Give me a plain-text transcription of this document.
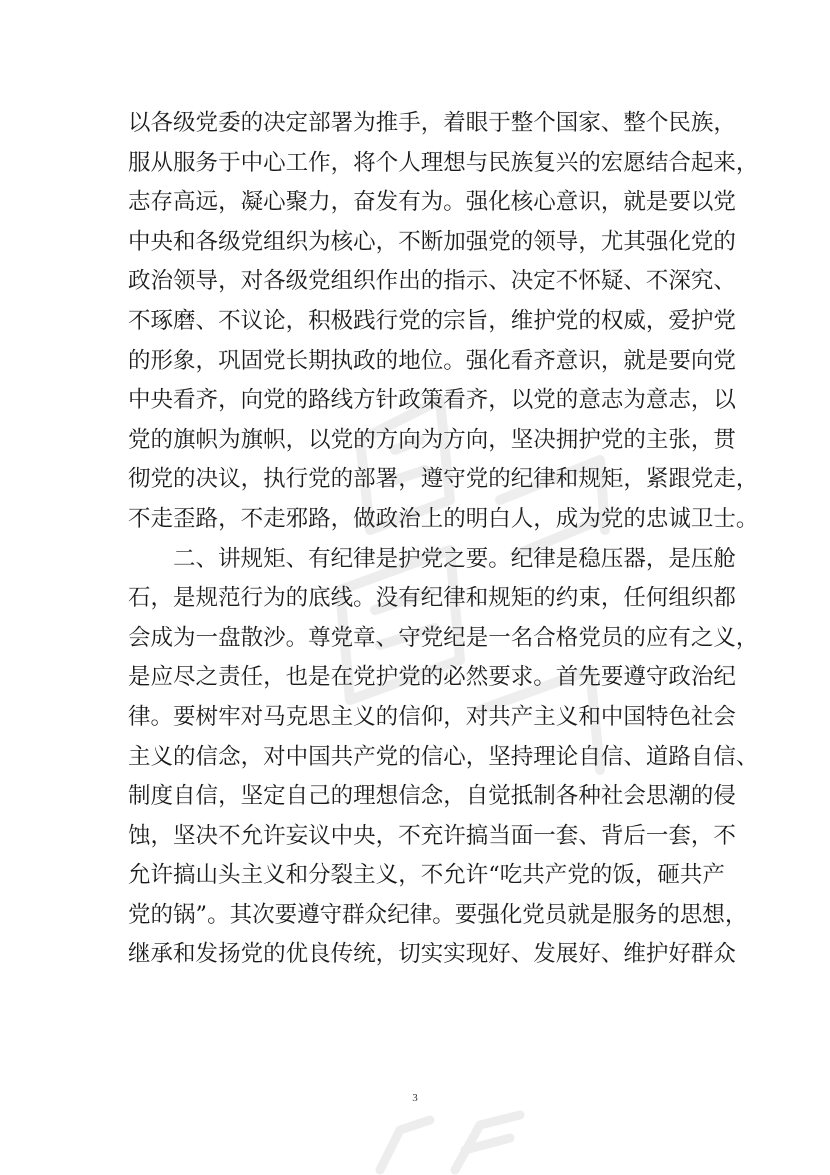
以 各 级 党 委 的 决 定 部 署 为 推 手 ， 着 眼 于 整 个 国 家 、 整 个 民 族 ，
服 从 服 务 于 中 心 工 作 ， 将 个 人 理 想 与 民 族 复 兴 的 宏 愿 结 合 起 来 ，
志 存 高 远 ， 凝 心 聚 力 ， 奋 发 有 为 。 强 化 核 心 意 识 ， 就 是 要 以 党
中 央 和 各 级 党 组 织 为 核 心 ， 不 断 加 强 党 的 领 导 ， 尤 其 强 化 党 的
政 治 领 导 ， 对 各 级 党 组 织 作 出 的 指 示 、 决 定 不 怀 疑 、 不 深 究 、
不 琢 磨 、 不 议 论 ， 积 极 践 行 党 的 宗 旨 ， 维 护 党 的 权 威 ， 爱 护 党
的 形 象 ， 巩 固 党 长 期 执 政 的 地 位 。 强 化 看 齐 意 识 ， 就 是 要 向 党
中 央 看 齐 ， 向 党 的 路 线 方 针 政 策 看 齐 ， 以 党 的 意 志 为 意 志 ， 以
党 的 旗 帜 为 旗 帜 ， 以 党 的 方 向 为 方 向 ， 坚 决 拥 护 党 的 主 张 ， 贯
彻 党 的 决 议 ， 执 行 党 的 部 署 ， 遵 守 党 的 纪 律 和 规 矩 ， 紧 跟 党 走 ，
不 走 歪 路 ， 不 走 邪 路 ， 做 政 治 上 的 明 白 人 ， 成 为 党 的 忠 诚 卫 士 。
二 、 讲 规 矩 、 有 纪 律 是 护 党 之 要 。 纪 律 是 稳 压 器 ， 是 压 舱
石 ， 是 规 范 行 为 的 底 线 。 没 有 纪 律 和 规 矩 的 约 束 ， 任 何 组 织 都
会 成 为 一 盘 散 沙 。 尊 党 章 、 守 党 纪 是 一 名 合 格 党 员 的 应 有 之 义 ，
是 应 尽 之 责 任 ， 也 是 在 党 护 党 的 必 然 要 求 。 首 先 要 遵 守 政 治 纪
律 。 要 树 牢 对 马 克 思 主 义 的 信 仰 ， 对 共 产 主 义 和 中 国 特 色 社 会
主 义 的 信 念 ， 对 中 国 共 产 党 的 信 心 ， 坚 持 理 论 自 信 、 道 路 自 信 、
制 度 自 信 ， 坚 定 自 己 的 理 想 信 念 ， 自 觉 抵 制 各 种 社 会 思 潮 的 侵
蚀 ， 坚 决 不 允 许 妄 议 中 央 ， 不 充 许 搞 当 面 一 套 、 背 后 一 套 ， 不
允 许 搞 山 头 主 义 和 分 裂 主 义 ， 不 允 许 “ 吃 共 产 党 的 饭 ， 砸 共 产
党 的 锅 ” 。 其 次 要 遵 守 群 众 纪 律 。 要 强 化 党 员 就 是 服 务 的 思 想 ，
继 承 和 发 扬 党 的 优 良 传 统 ， 切 实 实 现 好 、 发 展 好 、 维 护 好 群 众
3
